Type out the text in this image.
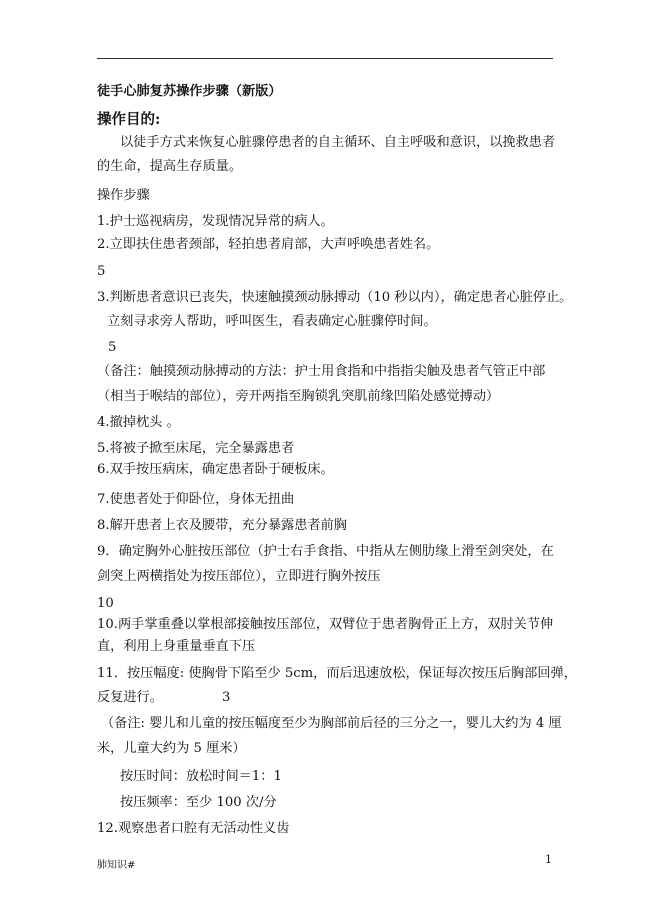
徒手心肺复苏操作步骤（新版）
操作目的:
以徒手方式来恢复心脏骤停患者的自主循环、自主呼吸和意识，以挽救患者
的生命，提高生存质量。
操作步骤
1.护士巡视病房，发现情况异常的病人。
2.立即扶住患者颈部，轻拍患者肩部，大声呼唤患者姓名。
5
3.判断患者意识已丧失，快速触摸颈动脉搏动（10 秒以内），确定患者心脏停止。
立刻寻求旁人帮助，呼叫医生，看表确定心脏骤停时间。
5
（备注：触摸颈动脉搏动的方法：护士用食指和中指指尖触及患者气管正中部
（相当于喉结的部位），旁开两指至胸锁乳突肌前缘凹陷处感觉搏动）
4.撤掉枕头 。
5.将被子掀至床尾，完全暴露患者
6.双手按压病床，确定患者卧于硬板床。
7.使患者处于仰卧位，身体无扭曲
8.解开患者上衣及腰带，充分暴露患者前胸
9．确定胸外心脏按压部位（护士右手食指、中指从左侧肋缘上滑至剑突处，在
剑突上两横指处为按压部位），立即进行胸外按压
10
10.两手掌重叠以掌根部接触按压部位，双臂位于患者胸骨正上方，双肘关节伸
直，利用上身重量垂直下压
11．按压幅度: 使胸骨下陷至少 5cm，而后迅速放松，保证每次按压后胸部回弹，
反复进行。	3
（备注: 婴儿和儿童的按压幅度至少为胸部前后径的三分之一，婴儿大约为 4 厘
米，儿童大约为 5 厘米）
按压时间：放松时间＝1：1
按压频率：至少 100 次/分
12.观察患者口腔有无活动性义齿
肺知识#	1
